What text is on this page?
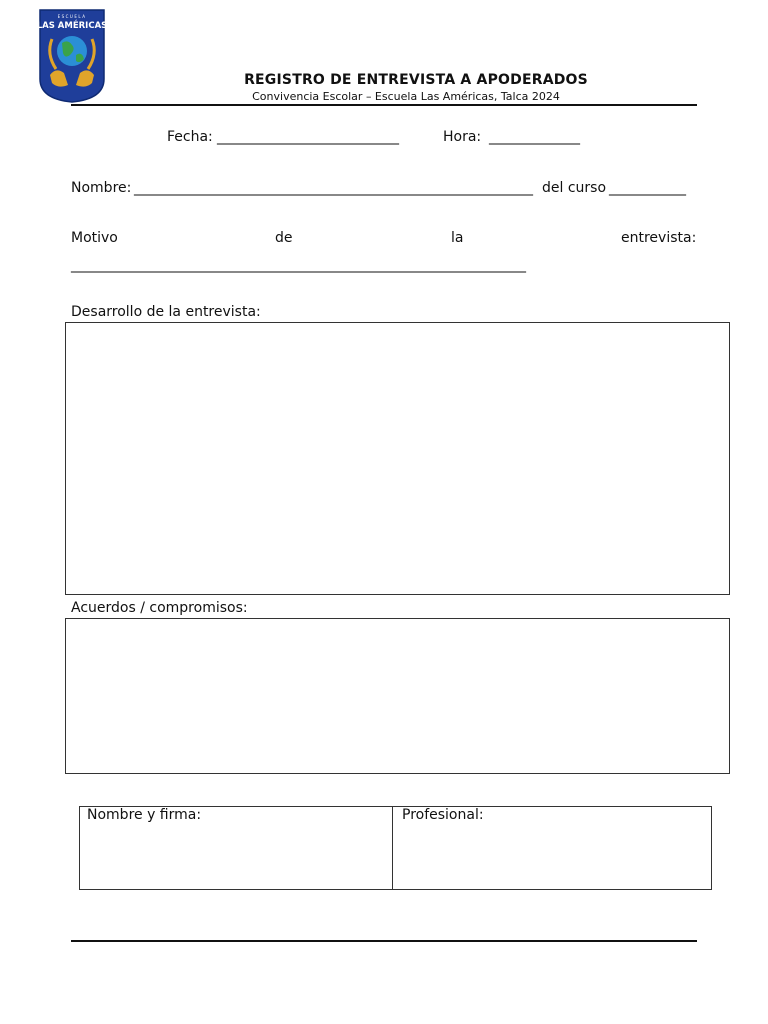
ESCUELA
LAS AMÉRICAS
REGISTRO DE ENTREVISTA A APODERADOS
Convivencia Escolar – Escuela Las Américas, Talca 2024
Fecha: __________________________	Hora: _____________
Nombre: _________________________________________________________ del curso ___________
Motivo	de	la	entrevista:
_________________________________________________________________
Desarrollo de la entrevista:
Acuerdos / compromisos:
Nombre y firma:	Profesional:
